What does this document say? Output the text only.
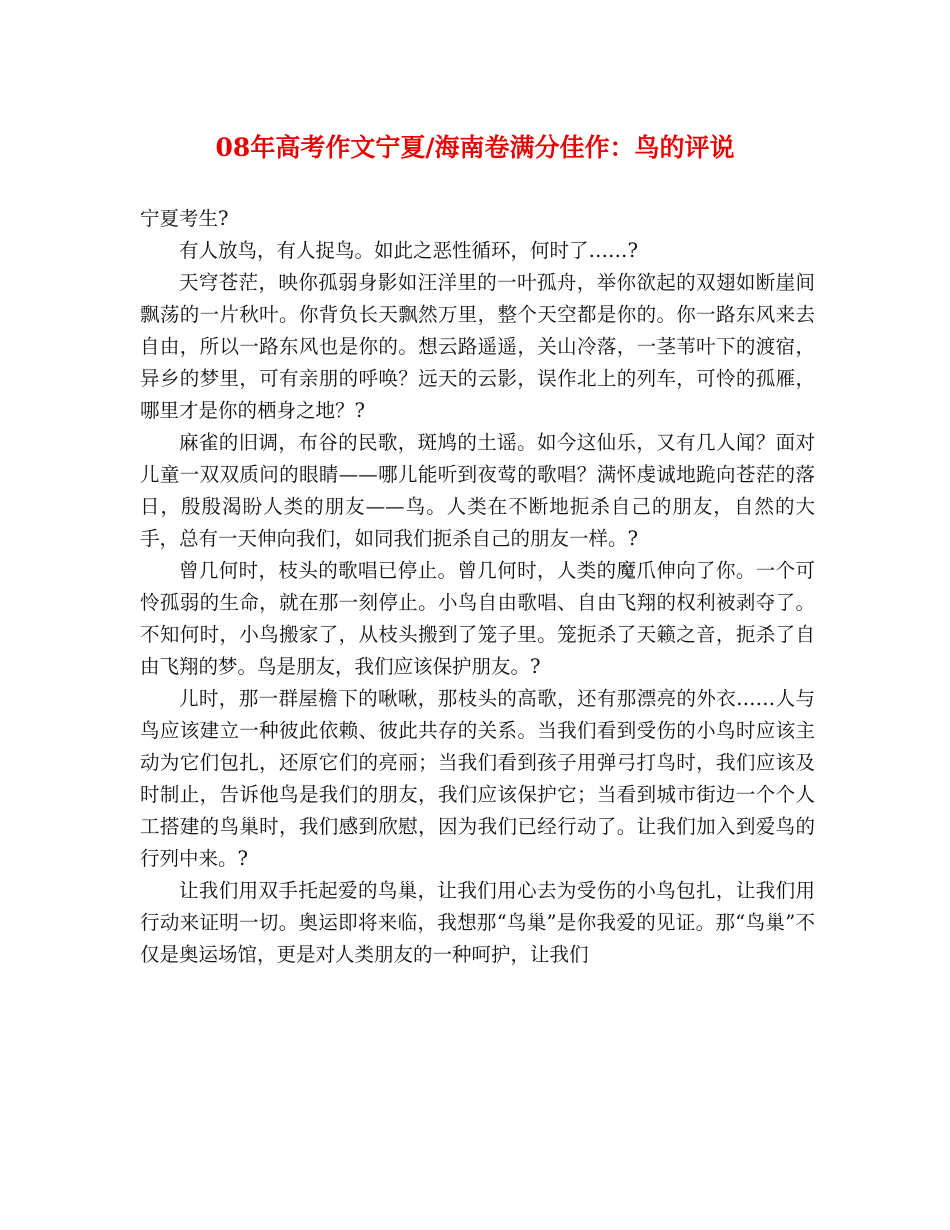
08年高考作文宁夏/海南卷满分佳作：鸟的评说

宁夏考生?

有人放鸟，有人捉鸟。如此之恶性循环，何时了……?

天穹苍茫，映你孤弱身影如汪洋里的一叶孤舟，举你欲起的双翅如断崖间飘荡的一片秋叶。你背负长天飘然万里，整个天空都是你的。你一路东风来去自由，所以一路东风也是你的。想云路遥遥，关山冷落，一茎苇叶下的渡宿，异乡的梦里，可有亲朋的呼唤？远天的云影，误作北上的列车，可怜的孤雁，哪里才是你的栖身之地？?

麻雀的旧调，布谷的民歌，斑鸠的土谣。如今这仙乐，又有几人闻？面对儿童一双双质问的眼睛——哪儿能听到夜莺的歌唱？满怀虔诚地跪向苍茫的落日，殷殷渴盼人类的朋友——鸟。人类在不断地扼杀自己的朋友，自然的大手，总有一天伸向我们，如同我们扼杀自己的朋友一样。?

曾几何时，枝头的歌唱已停止。曾几何时，人类的魔爪伸向了你。一个可怜孤弱的生命，就在那一刻停止。小鸟自由歌唱、自由飞翔的权利被剥夺了。不知何时，小鸟搬家了，从枝头搬到了笼子里。笼扼杀了天籁之音，扼杀了自由飞翔的梦。鸟是朋友，我们应该保护朋友。?

儿时，那一群屋檐下的啾啾，那枝头的高歌，还有那漂亮的外衣……人与鸟应该建立一种彼此依赖、彼此共存的关系。当我们看到受伤的小鸟时应该主动为它们包扎，还原它们的亮丽；当我们看到孩子用弹弓打鸟时，我们应该及时制止，告诉他鸟是我们的朋友，我们应该保护它；当看到城市街边一个个人工搭建的鸟巢时，我们感到欣慰，因为我们已经行动了。让我们加入到爱鸟的行列中来。?

让我们用双手托起爱的鸟巢，让我们用心去为受伤的小鸟包扎，让我们用行动来证明一切。奥运即将来临，我想那“鸟巢”是你我爱的见证。那“鸟巢”不仅是奥运场馆，更是对人类朋友的一种呵护，让我们
